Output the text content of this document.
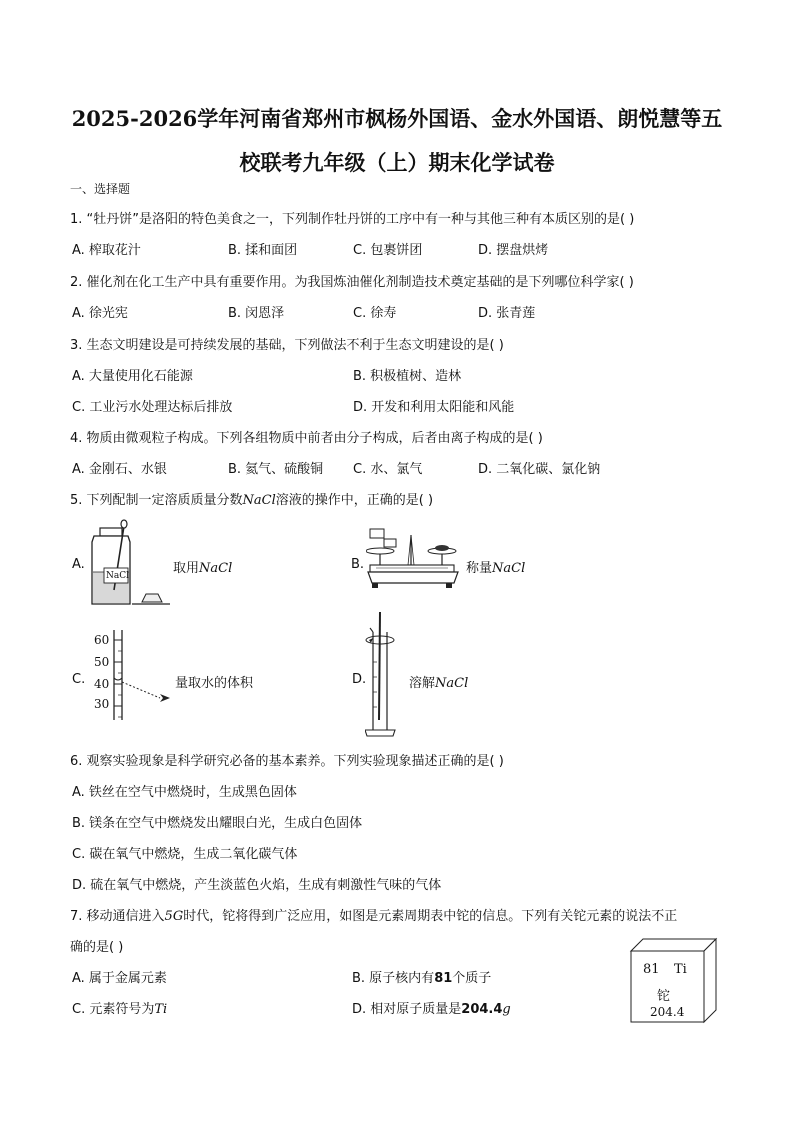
2025-2026学年河南省郑州市枫杨外国语、金水外国语、朗悦慧等五
校联考九年级（上）期末化学试卷
一、选择题
1. “牡丹饼”是洛阳的特色美食之一，下列制作牡丹饼的工序中有一种与其他三种有本质区别的是( )
A. 榨取花汁	B. 揉和面团	C. 包裹饼团	D. 摆盘烘烤
2. 催化剂在化工生产中具有重要作用。为我国炼油催化剂制造技术奠定基础的是下列哪位科学家( )
A. 徐光宪	B. 闵恩泽	C. 徐寿	D. 张青莲
3. 生态文明建设是可持续发展的基础，下列做法不利于生态文明建设的是( )
A. 大量使用化石能源	B. 积极植树、造林
C. 工业污水处理达标后排放	D. 开发和利用太阳能和风能
4. 物质由微观粒子构成。下列各组物质中前者由分子构成，后者由离子构成的是( )
A. 金刚石、水银	B. 氦气、硫酸铜 C. 水、氯气	D. 二氧化碳、氯化钠
5. 下列配制一定溶质质量分数NaCl溶液的操作中，正确的是( )
A.
NaCl	取用NaCl	B.	称量NaCl
C.
60
50
40
30
量取水的体积	D.	溶解NaCl
6. 观察实验现象是科学研究必备的基本素养。下列实验现象描述正确的是( )
A. 铁丝在空气中燃烧时，生成黑色固体
B. 镁条在空气中燃烧发出耀眼白光，生成白色固体
C. 碳在氧气中燃烧，生成二氧化碳气体
D. 硫在氧气中燃烧，产生淡蓝色火焰，生成有刺激性气味的气体
7. 移动通信进入5G时代，铊将得到广泛应用，如图是元素周期表中铊的信息。下列有关铊元素的说法不正
确的是( )
A. 属于金属元素	B. 原子核内有81个质子
C. 元素符号为Ti	D. 相对原子质量是204.4g
81 Ti
铊
204.4
